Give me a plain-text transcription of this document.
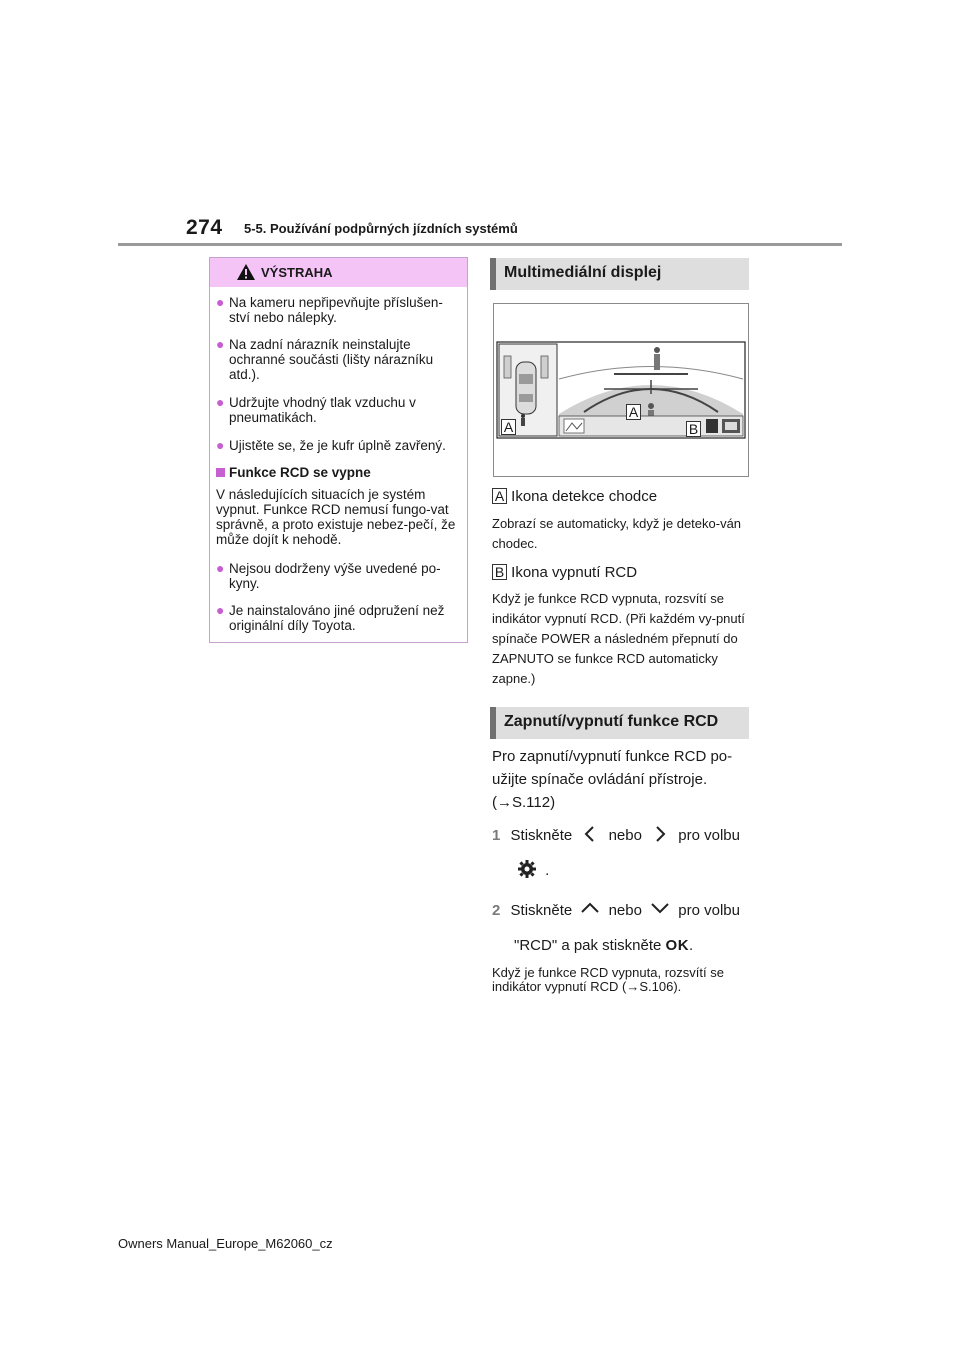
274 5-5. Používání podpůrných jízdních systémů
VÝSTRAHA
● Na kameru nepřipevňujte příslušen-ství nebo nálepky.
● Na zadní nárazník neinstalujte ochranné součásti (lišty nárazníku atd.).
● Udržujte vhodný tlak vzduchu v pneumatikách.
● Ujistěte se, že je kufr úplně zavřený.
Funkce RCD se vypne
V následujících situacích je systém vypnut. Funkce RCD nemusí fungo-vat správně, a proto existuje nebez-pečí, že může dojít k nehodě.
● Nejsou dodrženy výše uvedené po-kyny.
● Je nainstalováno jiné odpružení než originální díly Toyota.
Multimediální displej
A
A
B
A Ikona detekce chodce
Zobrazí se automaticky, když je deteko-ván chodec.
B Ikona vypnutí RCD
Když je funkce RCD vypnuta, rozsvítí se indikátor vypnutí RCD. (Při každém vy-pnutí spínače POWER a následném přepnutí do ZAPNUTO se funkce RCD automaticky zapne.)
Zapnutí/vypnutí funkce RCD
Pro zapnutí/vypnutí funkce RCD po-užijte spínače ovládání přístroje.
(→S.112)
1 Stiskněte nebo pro volbu
.
2 Stiskněte nebo pro volbu
"RCD" a pak stiskněte OK.
Když je funkce RCD vypnuta, rozsvítí se indikátor vypnutí RCD (→S.106).
Owners Manual_Europe_M62060_cz
